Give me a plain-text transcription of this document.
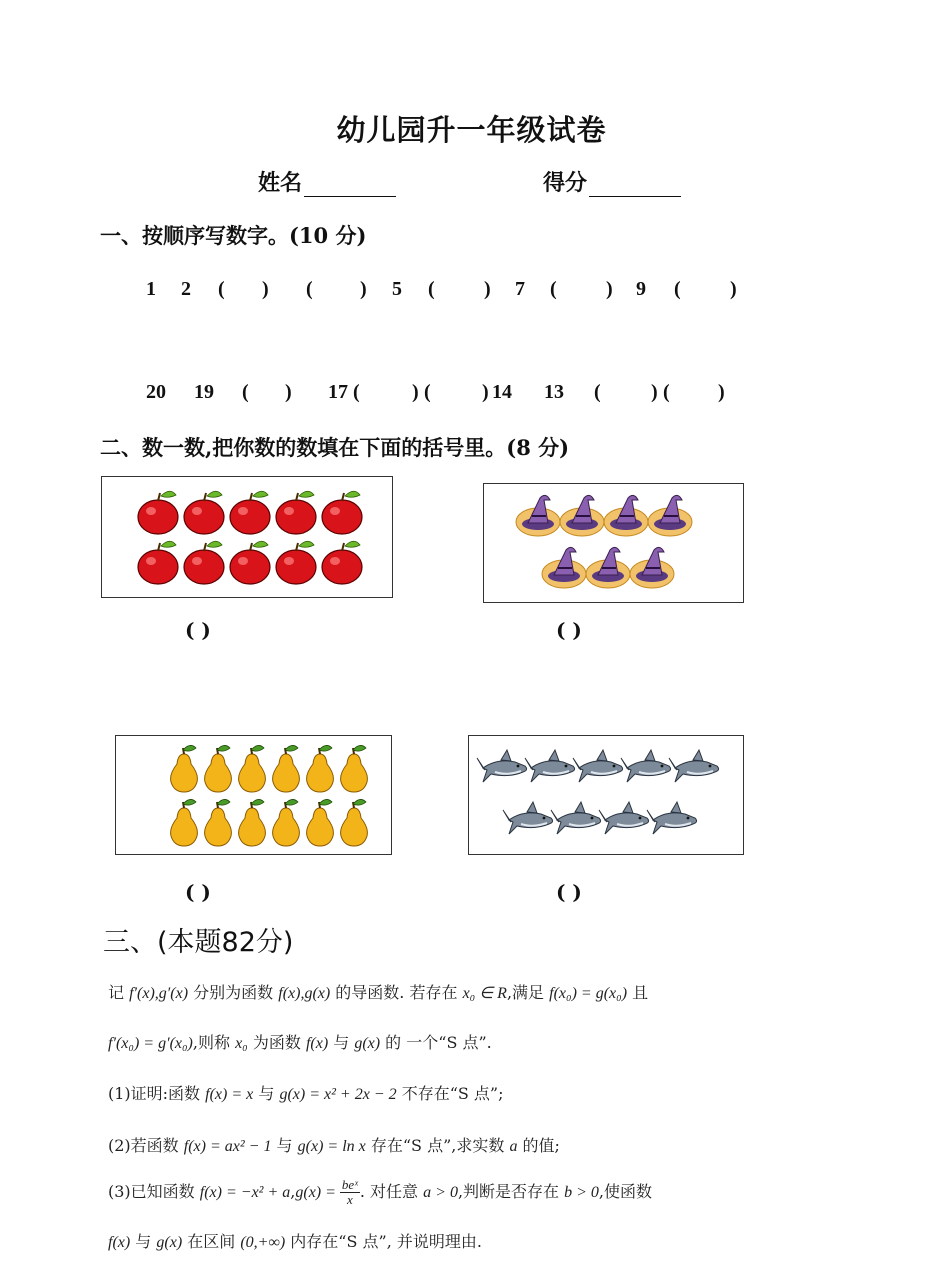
幼儿园升一年级试卷
姓名	得分
一、按顺序写数字。(10 分)
1 2 ( ) ( ) 5 ( ) 7 ( ) 9 ( )
20 19 ( ) 17 (	) (	) 14 13 (	) ( )
二、数一数,把你数的数填在下面的括号里。(8 分)
( )	( )
( )	( )
三、(本题82分)
记 f′(x),g′(x) 分别为函数 f(x),g(x) 的导函数. 若存在 x₀ ∈ R,满足 f(x₀) = g(x₀) 且
f′(x₀) = g′(x₀),则称 x₀ 为函数 f(x) 与 g(x) 的 一个“S 点”.
(1)证明:函数 f(x) = x 与 g(x) = x² + 2x − 2 不存在“S 点”;
(2)若函数 f(x) = ax² − 1 与 g(x) = ln x 存在“S 点”,求实数 a 的值;
(3)已知函数 $f(x) = -x^2 + a,g(x) = \frac{\text{beˣ}}{x}$ . 对任意 a > 0,判断是否存在 b > 0,使函数
f(x) 与 g(x) 在区间 (0,+∞) 内存在“S 点”, 并说明理由.
